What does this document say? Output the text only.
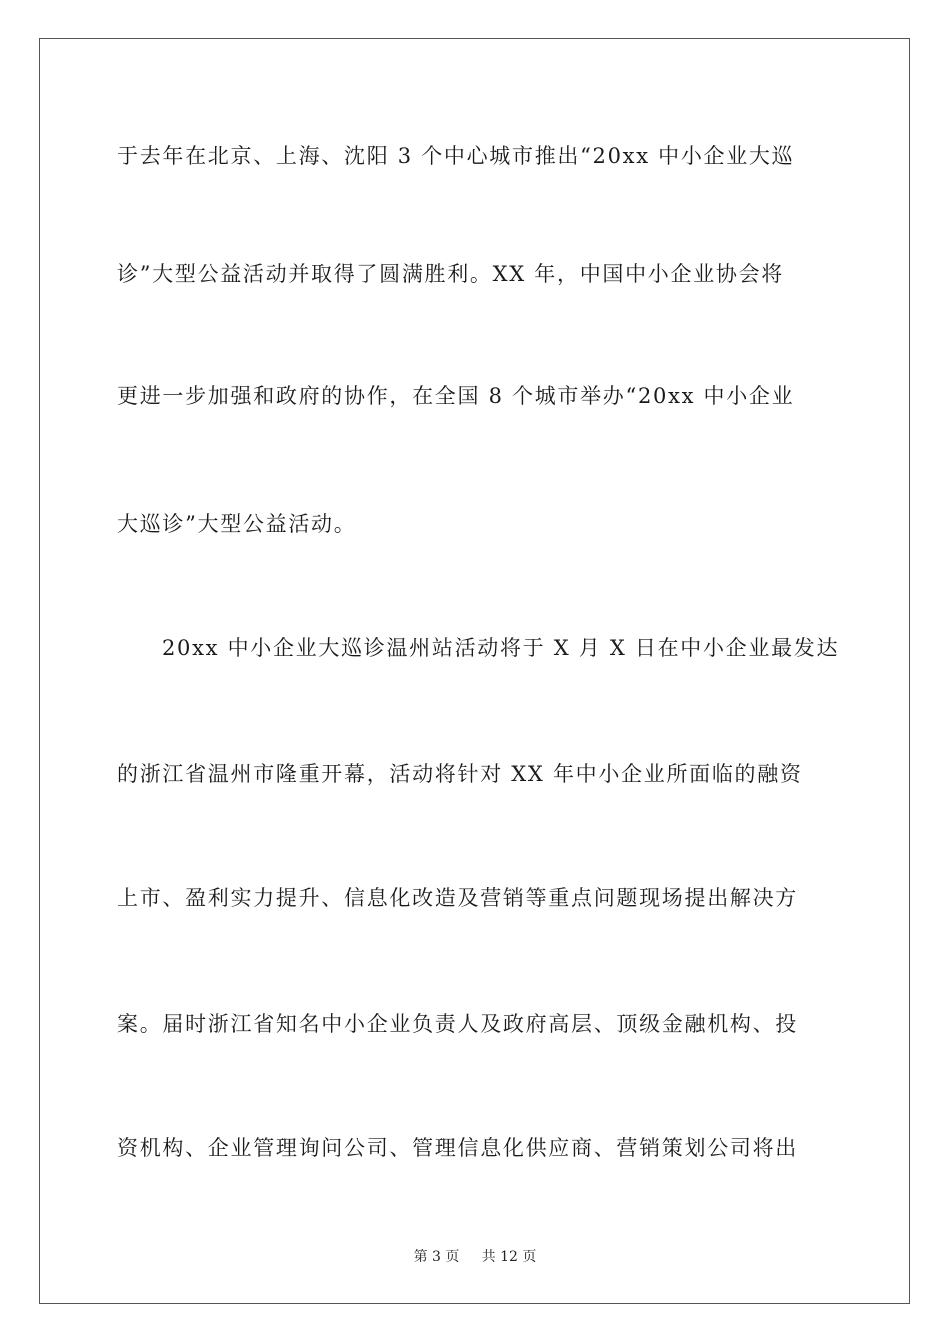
于去年在北京、上海、沈阳 3 个中心城市推出“20xx 中小企业大巡
诊”大型公益活动并取得了圆满胜利。XX 年，中国中小企业协会将
更进一步加强和政府的协作，在全国 8 个城市举办“20xx 中小企业
大巡诊”大型公益活动。
20xx 中小企业大巡诊温州站活动将于 X 月 X 日在中小企业最发达
的浙江省温州市隆重开幕，活动将针对 XX 年中小企业所面临的融资
上市、盈利实力提升、信息化改造及营销等重点问题现场提出解决方
案。届时浙江省知名中小企业负责人及政府高层、顶级金融机构、投
资机构、企业管理询问公司、管理信息化供应商、营销策划公司将出
第 3 页 共 12 页
